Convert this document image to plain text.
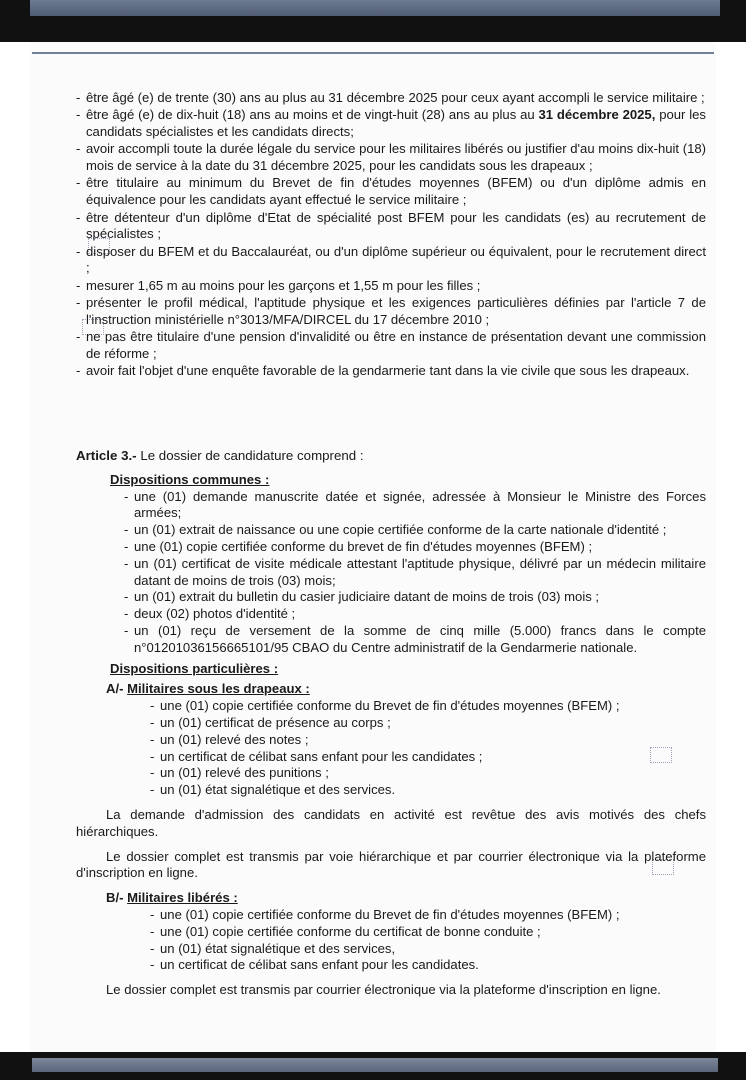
- être âgé (e) de trente (30) ans au plus au 31 décembre 2025 pour ceux ayant accompli le service militaire ;
- être âgé (e) de dix-huit (18) ans au moins et de vingt-huit (28) ans au plus au 31 décembre 2025, pour les candidats spécialistes et les candidats directs;
- avoir accompli toute la durée légale du service pour les militaires libérés ou justifier d'au moins dix-huit (18) mois de service à la date du 31 décembre 2025, pour les candidats sous les drapeaux ;
- être titulaire au minimum du Brevet de fin d'études moyennes (BFEM) ou d'un diplôme admis en équivalence pour les candidats ayant effectué le service militaire ;
- être détenteur d'un diplôme d'Etat de spécialité post BFEM pour les candidats (es) au recrutement de spécialistes ;
- disposer du BFEM et du Baccalauréat, ou d'un diplôme supérieur ou équivalent, pour le recrutement direct ;
- mesurer 1,65 m au moins pour les garçons et 1,55 m pour les filles ;
- présenter le profil médical, l'aptitude physique et les exigences particulières définies par l'article 7 de l'instruction ministérielle n°3013/MFA/DIRCEL du 17 décembre 2010 ;
- ne pas être titulaire d'une pension d'invalidité ou être en instance de présentation devant une commission de réforme ;
- avoir fait l'objet d'une enquête favorable de la gendarmerie tant dans la vie civile que sous les drapeaux.

Article 3.- Le dossier de candidature comprend :

Dispositions communes :

- une (01) demande manuscrite datée et signée, adressée à Monsieur le Ministre des Forces armées;
- un (01) extrait de naissance ou une copie certifiée conforme de la carte nationale d'identité ;
- une (01) copie certifiée conforme du brevet de fin d'études moyennes (BFEM) ;
- un (01) certificat de visite médicale attestant l'aptitude physique, délivré par un médecin militaire datant de moins de trois (03) mois;
- un (01) extrait du bulletin du casier judiciaire datant de moins de trois (03) mois ;
- deux (02) photos d'identité ;
- un (01) reçu de versement de la somme de cinq mille (5.000) francs dans le compte n°01201036156665101/95 CBAO du Centre administratif de la Gendarmerie nationale.

Dispositions particulières :

A/- Militaires sous les drapeaux :

- une (01) copie certifiée conforme du Brevet de fin d'études moyennes (BFEM) ;
- un (01) certificat de présence au corps ;
- un (01) relevé des notes ;
- un certificat de célibat sans enfant pour les candidates ;
- un (01) relevé des punitions ;
- un (01) état signalétique et des services.

La demande d'admission des candidats en activité est revêtue des avis motivés des chefs hiérarchiques.

Le dossier complet est transmis par voie hiérarchique et par courrier électronique via la plateforme d'inscription en ligne.

B/- Militaires libérés :

- une (01) copie certifiée conforme du Brevet de fin d'études moyennes (BFEM) ;
- une (01) copie certifiée conforme du certificat de bonne conduite ;
- un (01) état signalétique et des services,
- un certificat de célibat sans enfant pour les candidates.

Le dossier complet est transmis par courrier électronique via la plateforme d'inscription en ligne.
